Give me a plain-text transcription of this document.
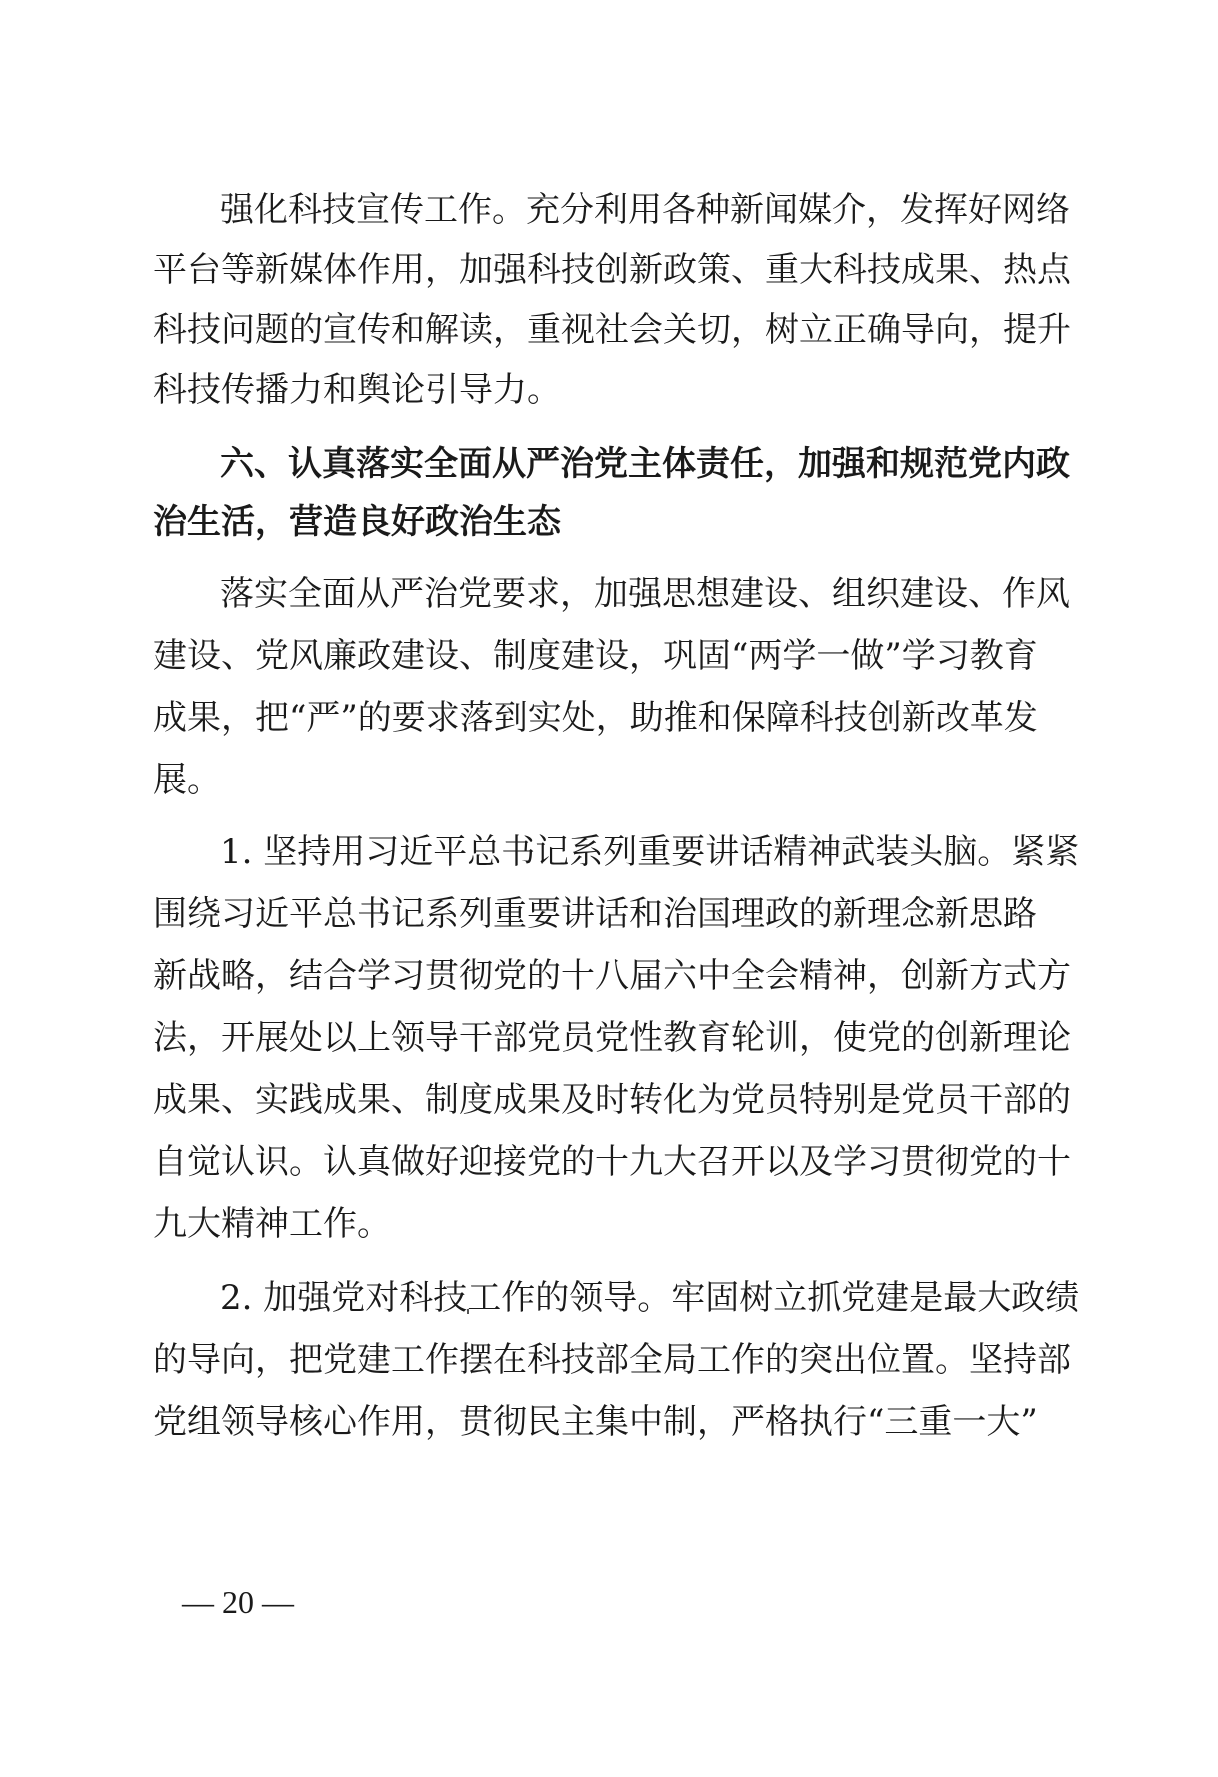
强化科技宣传工作。充分利用各种新闻媒介，发挥好网络
平台等新媒体作用，加强科技创新政策、重大科技成果、热点
科技问题的宣传和解读，重视社会关切，树立正确导向，提升
科技传播力和舆论引导力。
六、认真落实全面从严治党主体责任，加强和规范党内政
治生活，营造良好政治生态
落实全面从严治党要求，加强思想建设、组织建设、作风
建设、党风廉政建设、制度建设，巩固“两学一做”学习教育
成果，把“严”的要求落到实处，助推和保障科技创新改革发
展。
1. 坚持用习近平总书记系列重要讲话精神武装头脑。紧紧
围绕习近平总书记系列重要讲话和治国理政的新理念新思路
新战略，结合学习贯彻党的十八届六中全会精神，创新方式方
法，开展处以上领导干部党员党性教育轮训，使党的创新理论
成果、实践成果、制度成果及时转化为党员特别是党员干部的
自觉认识。认真做好迎接党的十九大召开以及学习贯彻党的十
九大精神工作。
2. 加强党对科技工作的领导。牢固树立抓党建是最大政绩
的导向，把党建工作摆在科技部全局工作的突出位置。坚持部
党组领导核心作用，贯彻民主集中制，严格执行“三重一大”
— 20 —
